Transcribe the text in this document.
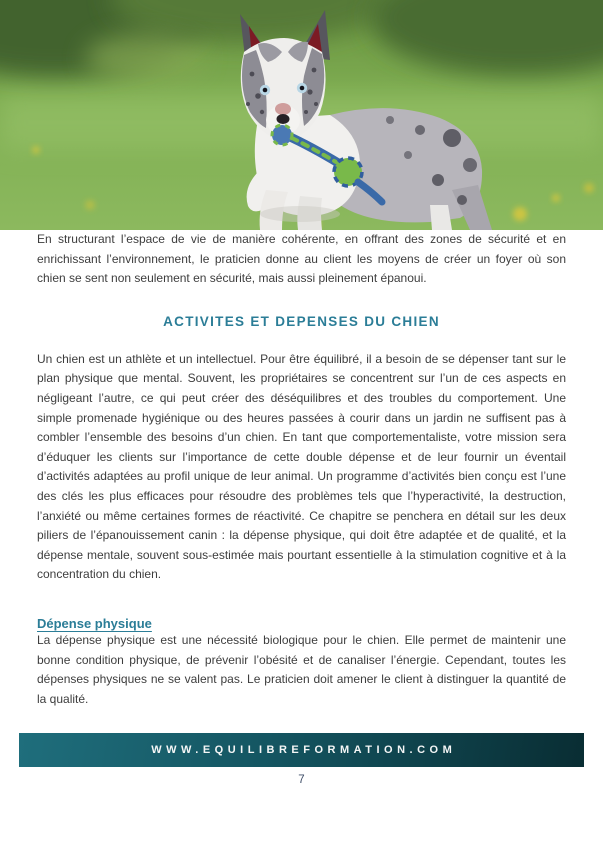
En structurant l’espace de vie de manière cohérente, en offrant des zones de sécurité et en enrichissant l’environnement, le praticien donne au client les moyens de créer un foyer où son chien se sent non seulement en sécurité, mais aussi pleinement épanoui.

ACTIVITES ET DEPENSES DU CHIEN

Un chien est un athlète et un intellectuel. Pour être équilibré, il a besoin de se dépenser tant sur le plan physique que mental. Souvent, les propriétaires se concentrent sur l’un de ces aspects en négligeant l’autre, ce qui peut créer des déséquilibres et des troubles du comportement. Une simple promenade hygiénique ou des heures passées à courir dans un jardin ne suffisent pas à combler l’ensemble des besoins d’un chien. En tant que comportementaliste, votre mission sera d’éduquer les clients sur l’importance de cette double dépense et de leur fournir un éventail d’activités adaptées au profil unique de leur animal. Un programme d’activités bien conçu est l’une des clés les plus efficaces pour résoudre des problèmes tels que l’hyperactivité, la destruction, l’anxiété ou même certaines formes de réactivité. Ce chapitre se penchera en détail sur les deux piliers de l’épanouissement canin : la dépense physique, qui doit être adaptée et de qualité, et la dépense mentale, souvent sous-estimée mais pourtant essentielle à la stimulation cognitive et à la concentration du chien.

Dépense physique

La dépense physique est une nécessité biologique pour le chien. Elle permet de maintenir une bonne condition physique, de prévenir l’obésité et de canaliser l’énergie. Cependant, toutes les dépenses physiques ne se valent pas. Le praticien doit amener le client à distinguer la quantité de la qualité.

WWW.EQUILIBREFORMATION.COM
7
